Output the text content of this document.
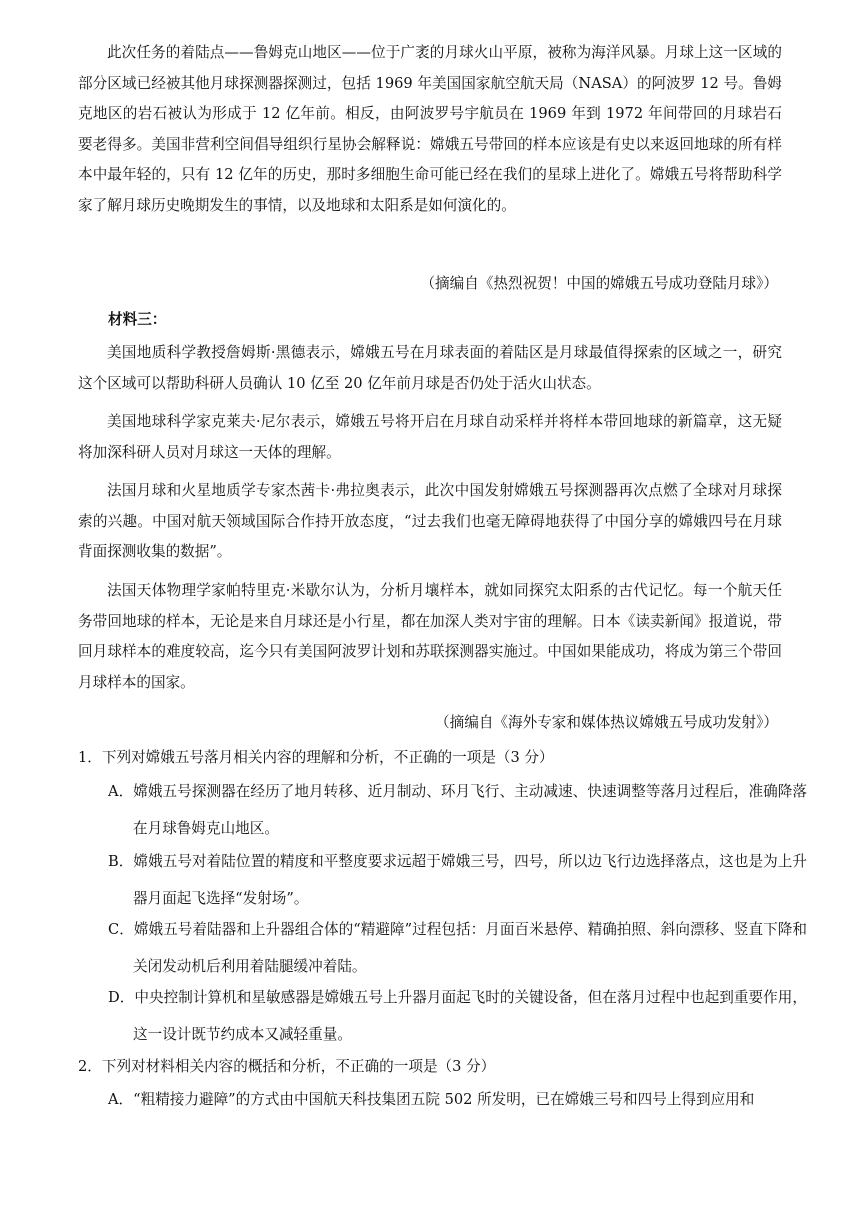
此次任务的着陆点——鲁姆克山地区——位于广袤的月球火山平原，被称为海洋风暴。月球上这一区域的部分区域已经被其他月球探测器探测过，包括 1969 年美国国家航空航天局（NASA）的阿波罗 12 号。鲁姆克地区的岩石被认为形成于 12 亿年前。相反，由阿波罗号宇航员在 1969 年到 1972 年间带回的月球岩石要老得多。美国非营利空间倡导组织行星协会解释说：嫦娥五号带回的样本应该是有史以来返回地球的所有样本中最年轻的，只有 12 亿年的历史，那时多细胞生命可能已经在我们的星球上进化了。嫦娥五号将帮助科学家了解月球历史晚期发生的事情，以及地球和太阳系是如何演化的。
（摘编自《热烈祝贺！中国的嫦娥五号成功登陆月球》）
材料三：
美国地质科学教授詹姆斯·黑德表示，嫦娥五号在月球表面的着陆区是月球最值得探索的区域之一，研究这个区域可以帮助科研人员确认 10 亿至 20 亿年前月球是否仍处于活火山状态。
美国地球科学家克莱夫·尼尔表示，嫦娥五号将开启在月球自动采样并将样本带回地球的新篇章，这无疑将加深科研人员对月球这一天体的理解。
法国月球和火星地质学专家杰茜卡·弗拉奥表示，此次中国发射嫦娥五号探测器再次点燃了全球对月球探索的兴趣。中国对航天领域国际合作持开放态度，“过去我们也毫无障碍地获得了中国分享的嫦娥四号在月球背面探测收集的数据”。
法国天体物理学家帕特里克·米歇尔认为，分析月壤样本，就如同探究太阳系的古代记忆。每一个航天任务带回地球的样本，无论是来自月球还是小行星，都在加深人类对宇宙的理解。日本《读卖新闻》报道说，带回月球样本的难度较高，迄今只有美国阿波罗计划和苏联探测器实施过。中国如果能成功，将成为第三个带回月球样本的国家。
（摘编自《海外专家和媒体热议嫦娥五号成功发射》）
1．下列对嫦娥五号落月相关内容的理解和分析，不正确的一项是（3 分）
A．嫦娥五号探测器在经历了地月转移、近月制动、环月飞行、主动减速、快速调整等落月过程后，准确降落在月球鲁姆克山地区。
B．嫦娥五号对着陆位置的精度和平整度要求远超于嫦娥三号，四号，所以边飞行边选择落点，这也是为上升器月面起飞选择“发射场”。
C．嫦娥五号着陆器和上升器组合体的“精避障”过程包括：月面百米悬停、精确拍照、斜向漂移、竖直下降和关闭发动机后利用着陆腿缓冲着陆。
D．中央控制计算机和星敏感器是嫦娥五号上升器月面起飞时的关键设备，但在落月过程中也起到重要作用，这一设计既节约成本又减轻重量。
2．下列对材料相关内容的概括和分析，不正确的一项是（3 分）
A．“粗精接力避障”的方式由中国航天科技集团五院 502 所发明，已在嫦娥三号和四号上得到应用和
